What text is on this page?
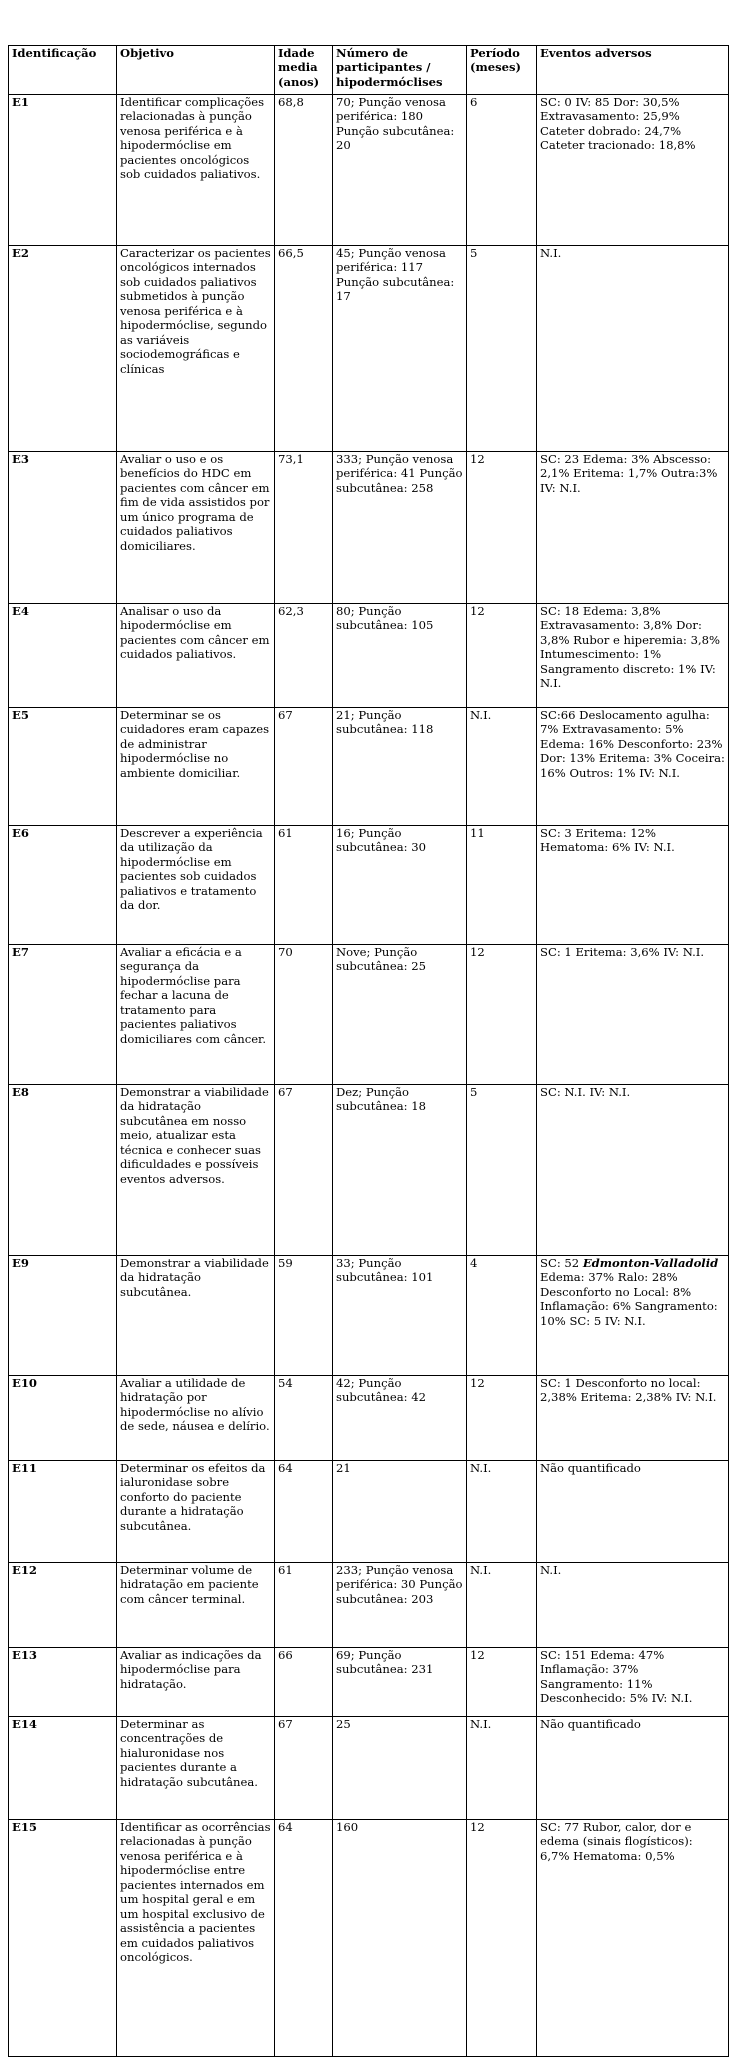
Identificação	Objetivo	Idade media (anos)	Número de participantes / hipodermóclises	Período (meses)	Eventos adversos
E1	Identificar complicações relacionadas à punção venosa periférica e à hipodermóclise em pacientes oncológicos sob cuidados paliativos.	68,8	70; Punção venosa periférica: 180 Punção subcutânea: 20	6	SC: 0 IV: 85 Dor: 30,5% Extravasamento: 25,9% Cateter dobrado: 24,7% Cateter tracionado: 18,8%
E2	Caracterizar os pacientes oncológicos internados sob cuidados paliativos submetidos à punção venosa periférica e à hipodermóclise, segundo as variáveis sociodemográficas e clínicas	66,5	45; Punção venosa periférica: 117 Punção subcutânea: 17	5	N.I.
E3	Avaliar o uso e os benefícios do HDC em pacientes com câncer em fim de vida assistidos por um único programa de cuidados paliativos domiciliares.	73,1	333; Punção venosa periférica: 41 Punção subcutânea: 258	12	SC: 23 Edema: 3% Abscesso: 2,1% Eritema: 1,7% Outra:3% IV: N.I.
E4	Analisar o uso da hipodermóclise em pacientes com câncer em cuidados paliativos.	62,3	80; Punção subcutânea: 105	12	SC: 18 Edema: 3,8% Extravasamento: 3,8% Dor: 3,8% Rubor e hiperemia: 3,8% Intumescimento: 1% Sangramento discreto: 1% IV: N.I.
E5	Determinar se os cuidadores eram capazes de administrar hipodermóclise no ambiente domiciliar.	67	21; Punção subcutânea: 118	N.I.	SC:66 Deslocamento agulha: 7% Extravasamento: 5% Edema: 16% Desconforto: 23% Dor: 13% Eritema: 3% Coceira: 16% Outros: 1% IV: N.I.
E6	Descrever a experiência da utilização da hipodermóclise em pacientes sob cuidados paliativos e tratamento da dor.	61	16; Punção subcutânea: 30	11	SC: 3 Eritema: 12% Hematoma: 6% IV: N.I.
E7	Avaliar a eficácia e a segurança da hipodermóclise para fechar a lacuna de tratamento para pacientes paliativos domiciliares com câncer.	70	Nove; Punção subcutânea: 25	12	SC: 1 Eritema: 3,6% IV: N.I.
E8	Demonstrar a viabilidade da hidratação subcutânea em nosso meio, atualizar esta técnica e conhecer suas dificuldades e possíveis eventos adversos.	67	Dez; Punção subcutânea: 18	5	SC: N.I. IV: N.I.
E9	Demonstrar a viabilidade da hidratação subcutânea.	59	33; Punção subcutânea: 101	4	SC: 52 Edmonton-Valladolid Edema: 37% Ralo: 28% Desconforto no Local: 8% Inflamação: 6% Sangramento: 10% SC: 5 IV: N.I.
E10	Avaliar a utilidade de hidratação por hipodermóclise no alívio de sede, náusea e delírio.	54	42; Punção subcutânea: 42	12	SC: 1 Desconforto no local: 2,38% Eritema: 2,38% IV: N.I.
E11	Determinar os efeitos da ialuronidase sobre conforto do paciente durante a hidratação subcutânea.	64	21	N.I.	Não quantificado
E12	Determinar volume de hidratação em paciente com câncer terminal.	61	233; Punção venosa periférica: 30 Punção subcutânea: 203	N.I.	N.I.
E13	Avaliar as indicações da hipodermóclise para hidratação.	66	69; Punção subcutânea: 231	12	SC: 151 Edema: 47% Inflamação: 37% Sangramento: 11% Desconhecido: 5% IV: N.I.
E14	Determinar as concentrações de hialuronidase nos pacientes durante a hidratação subcutânea.	67	25	N.I.	Não quantificado
E15	Identificar as ocorrências relacionadas à punção venosa periférica e à hipodermóclise entre pacientes internados em um hospital geral e em um hospital exclusivo de assistência a pacientes em cuidados paliativos oncológicos.	64	160	12	SC: 77 Rubor, calor, dor e edema (sinais flogísticos): 6,7% Hematoma: 0,5%
